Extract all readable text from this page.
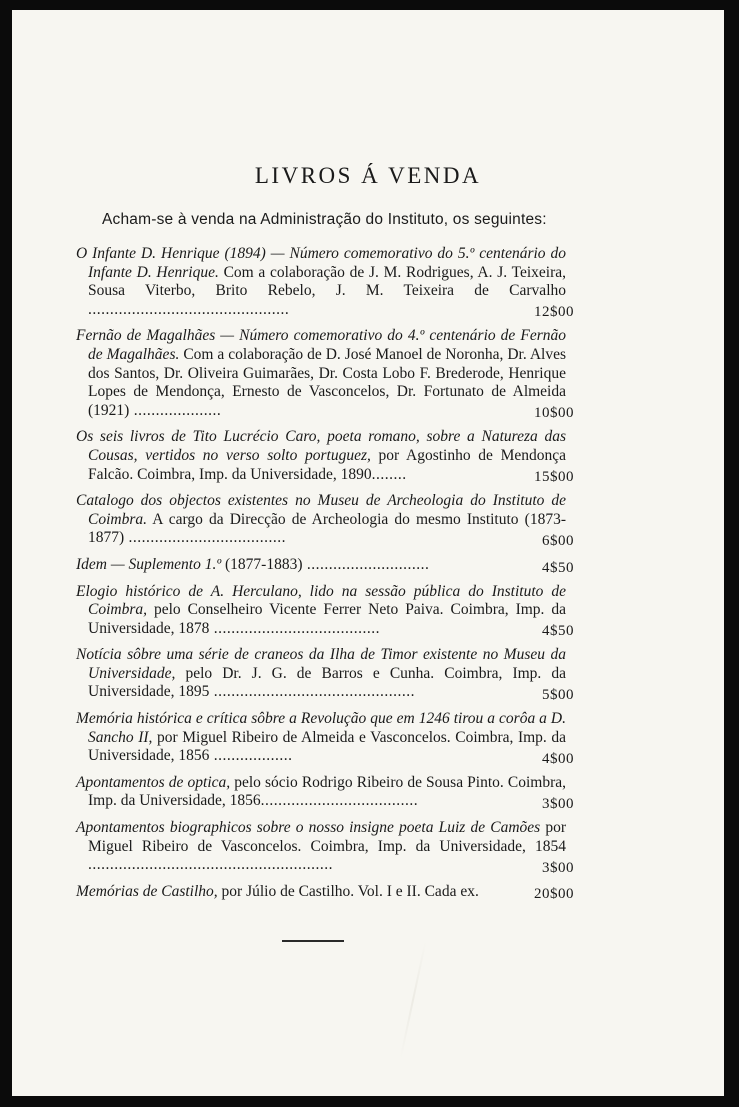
LIVROS Á VENDA
Acham-se à venda na Administração do Instituto, os seguintes:

O Infante D. Henrique (1894) — Número comemorativo do 5.º centenário do Infante D. Henrique. Com a colaboração de J. M. Rodrigues, A. J. Teixeira, Sousa Viterbo, Brito Rebelo, J. M. Teixeira de Carvalho ..............................................	12$00

Fernão de Magalhães — Número comemorativo do 4.º centenário de Fernão de Magalhães. Com a colaboração de D. José Manoel de Noronha, Dr. Alves dos Santos, Dr. Oliveira Guimarães, Dr. Costa Lobo F. Brederode, Henrique Lopes de Mendonça, Ernesto de Vasconcelos, Dr. Fortunato de Almeida (1921) ....................	10$00

Os seis livros de Tito Lucrécio Caro, poeta romano, sobre a Natureza das Cousas, vertidos no verso solto portuguez, por Agostinho de Mendonça Falcão. Coimbra, Imp. da Universidade, 1890........	15$00

Catalogo dos objectos existentes no Museu de Archeologia do Instituto de Coimbra. A cargo da Direcção de Archeologia do mesmo Instituto (1873-1877) ....................................	6$00

Idem — Suplemento 1.º (1877-1883) ............................	4$50

Elogio histórico de A. Herculano, lido na sessão pública do Instituto de Coimbra, pelo Conselheiro Vicente Ferrer Neto Paiva. Coimbra, Imp. da Universidade, 1878 ......................................	4$50

Notícia sôbre uma série de craneos da Ilha de Timor existente no Museu da Universidade, pelo Dr. J. G. de Barros e Cunha. Coimbra, Imp. da Universidade, 1895 ..............................................	5$00

Memória histórica e crítica sôbre a Revolução que em 1246 tirou a corôa a D. Sancho II, por Miguel Ribeiro de Almeida e Vasconcelos. Coimbra, Imp. da Universidade, 1856 ..................	4$00

Apontamentos de optica, pelo sócio Rodrigo Ribeiro de Sousa Pinto. Coimbra, Imp. da Universidade, 1856....................................	3$00

Apontamentos biographicos sobre o nosso insigne poeta Luiz de Camões por Miguel Ribeiro de Vasconcelos. Coimbra, Imp. da Universidade, 1854 ........................................................	3$00

Memórias de Castilho, por Júlio de Castilho. Vol. I e II. Cada ex.	20$00
